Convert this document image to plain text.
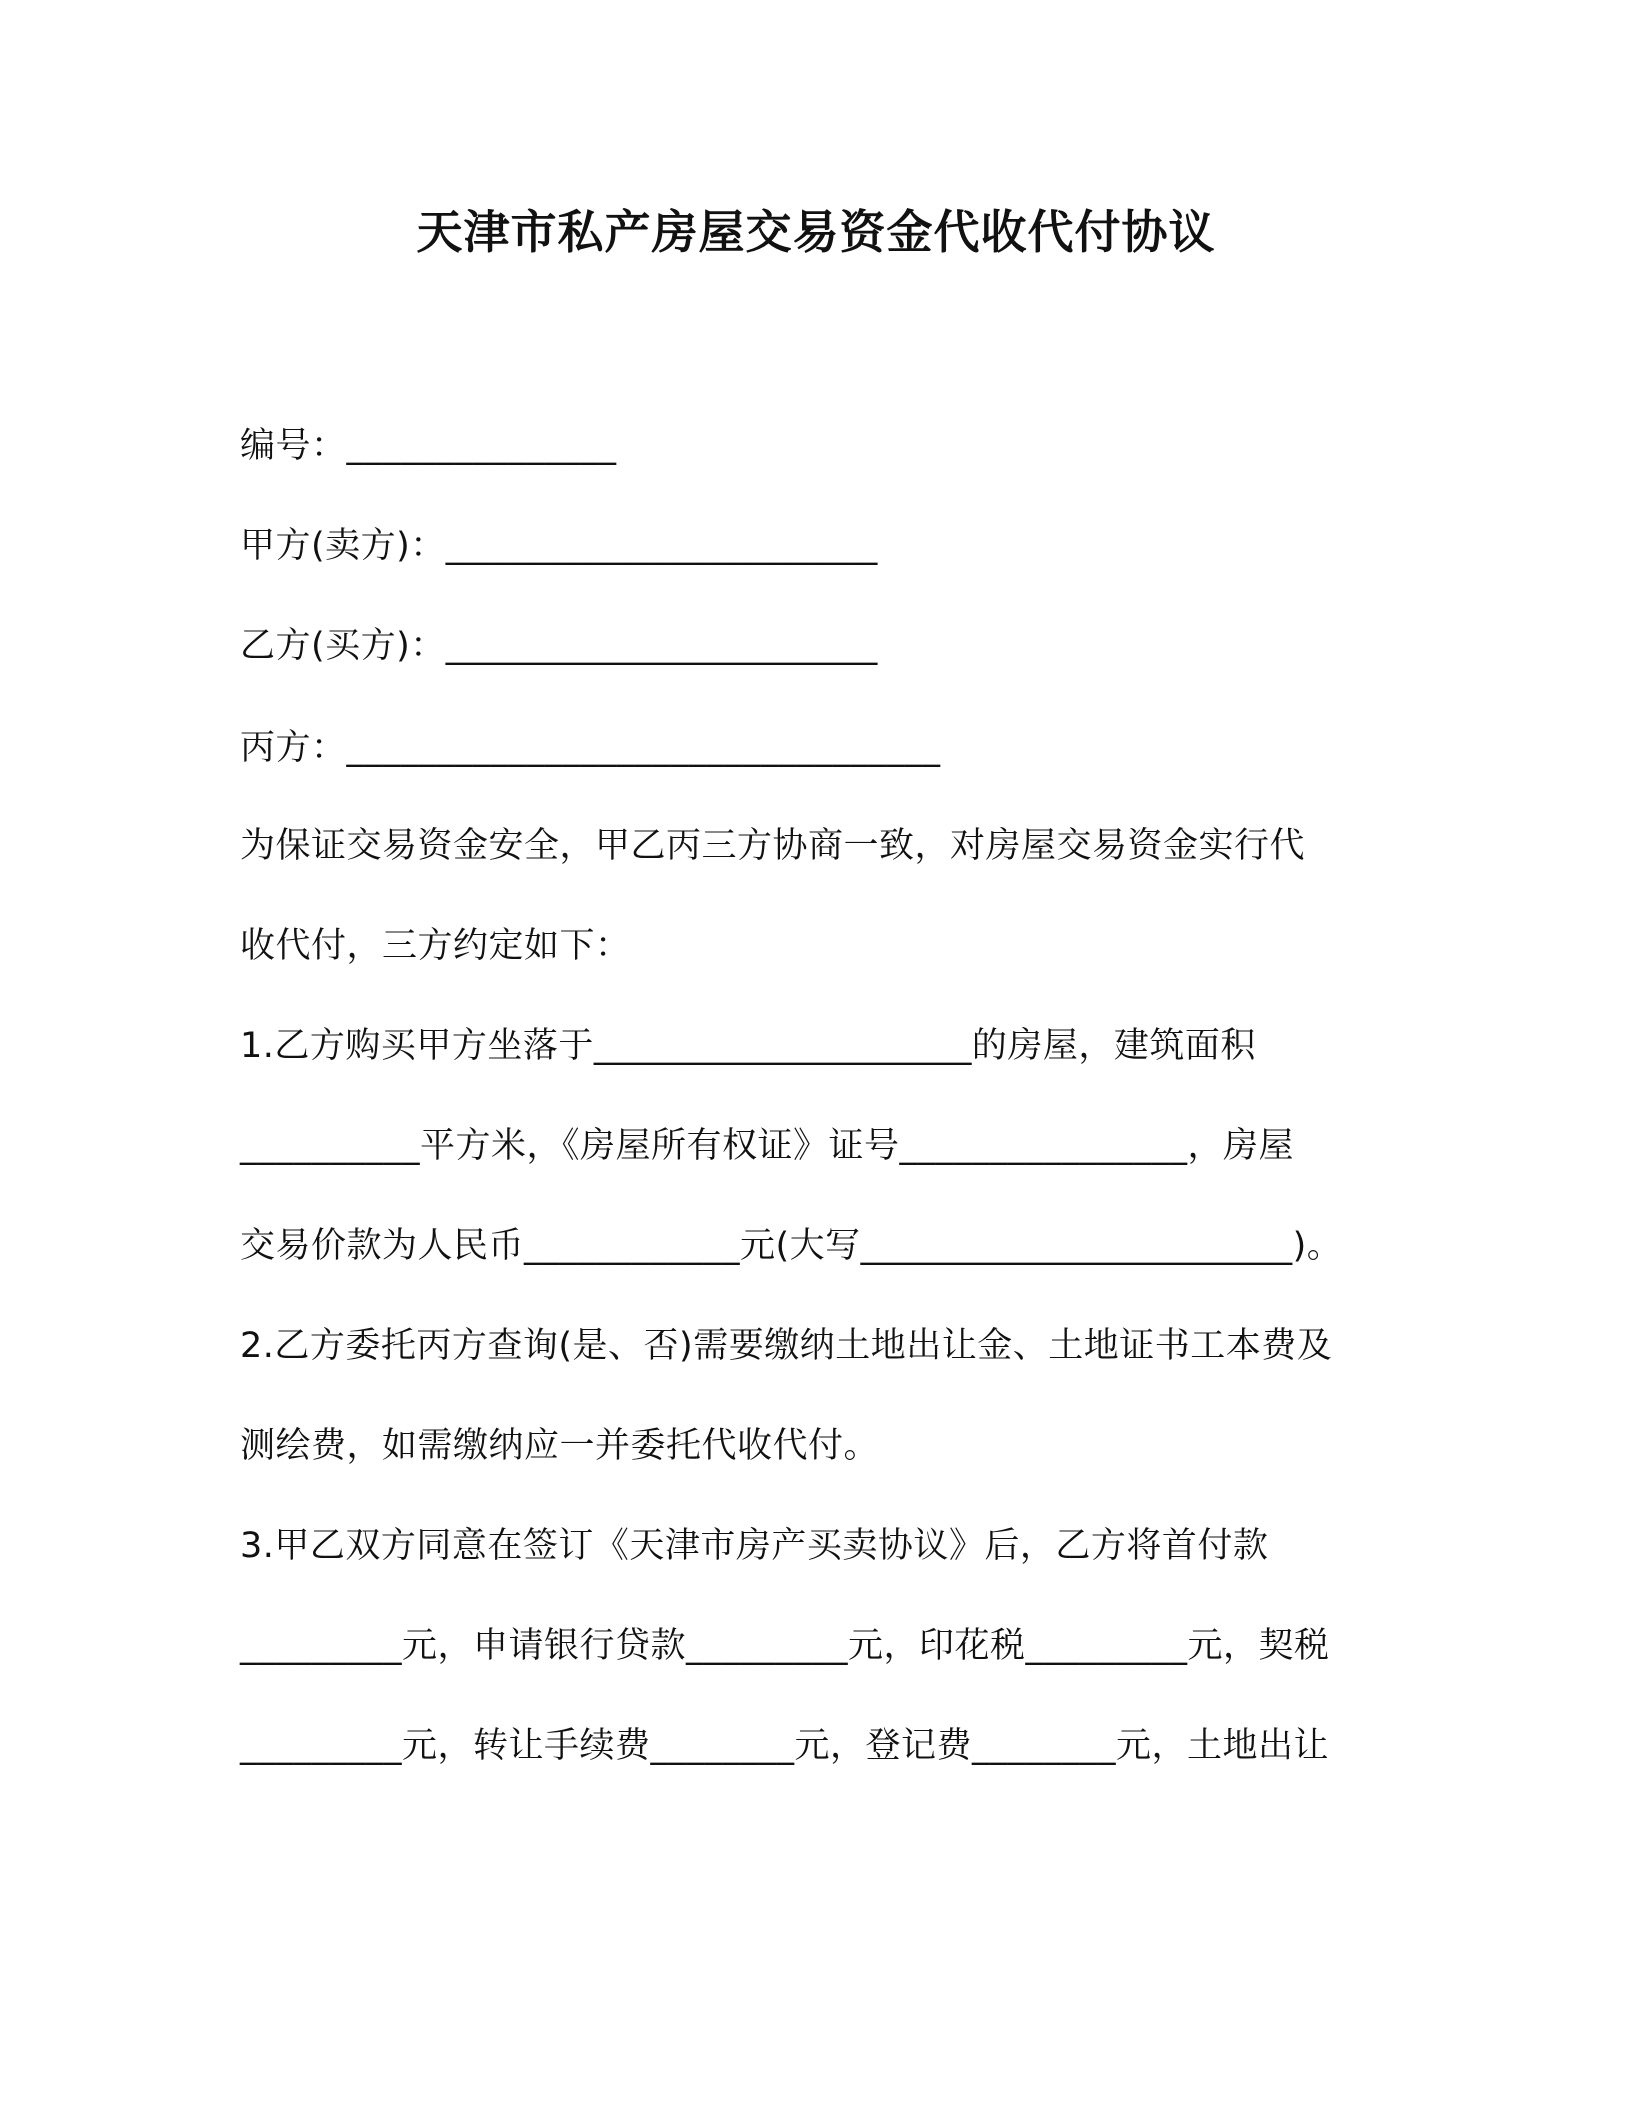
天津市私产房屋交易资金代收代付协议
编号：_______________
甲方(卖方)：________________________
乙方(买方)：________________________
丙方：_________________________________
为保证交易资金安全，甲乙丙三方协商一致，对房屋交易资金实行代
收代付，三方约定如下：
1.乙方购买甲方坐落于_____________________的房屋，建筑面积
__________平方米，《房屋所有权证》证号________________，房屋
交易价款为人民币____________元(大写________________________)。
2.乙方委托丙方查询(是、否)需要缴纳土地出让金、土地证书工本费及
测绘费，如需缴纳应一并委托代收代付。
3.甲乙双方同意在签订《天津市房产买卖协议》后，乙方将首付款
_________元，申请银行贷款_________元，印花税_________元，契税
_________元，转让手续费________元，登记费________元，土地出让
